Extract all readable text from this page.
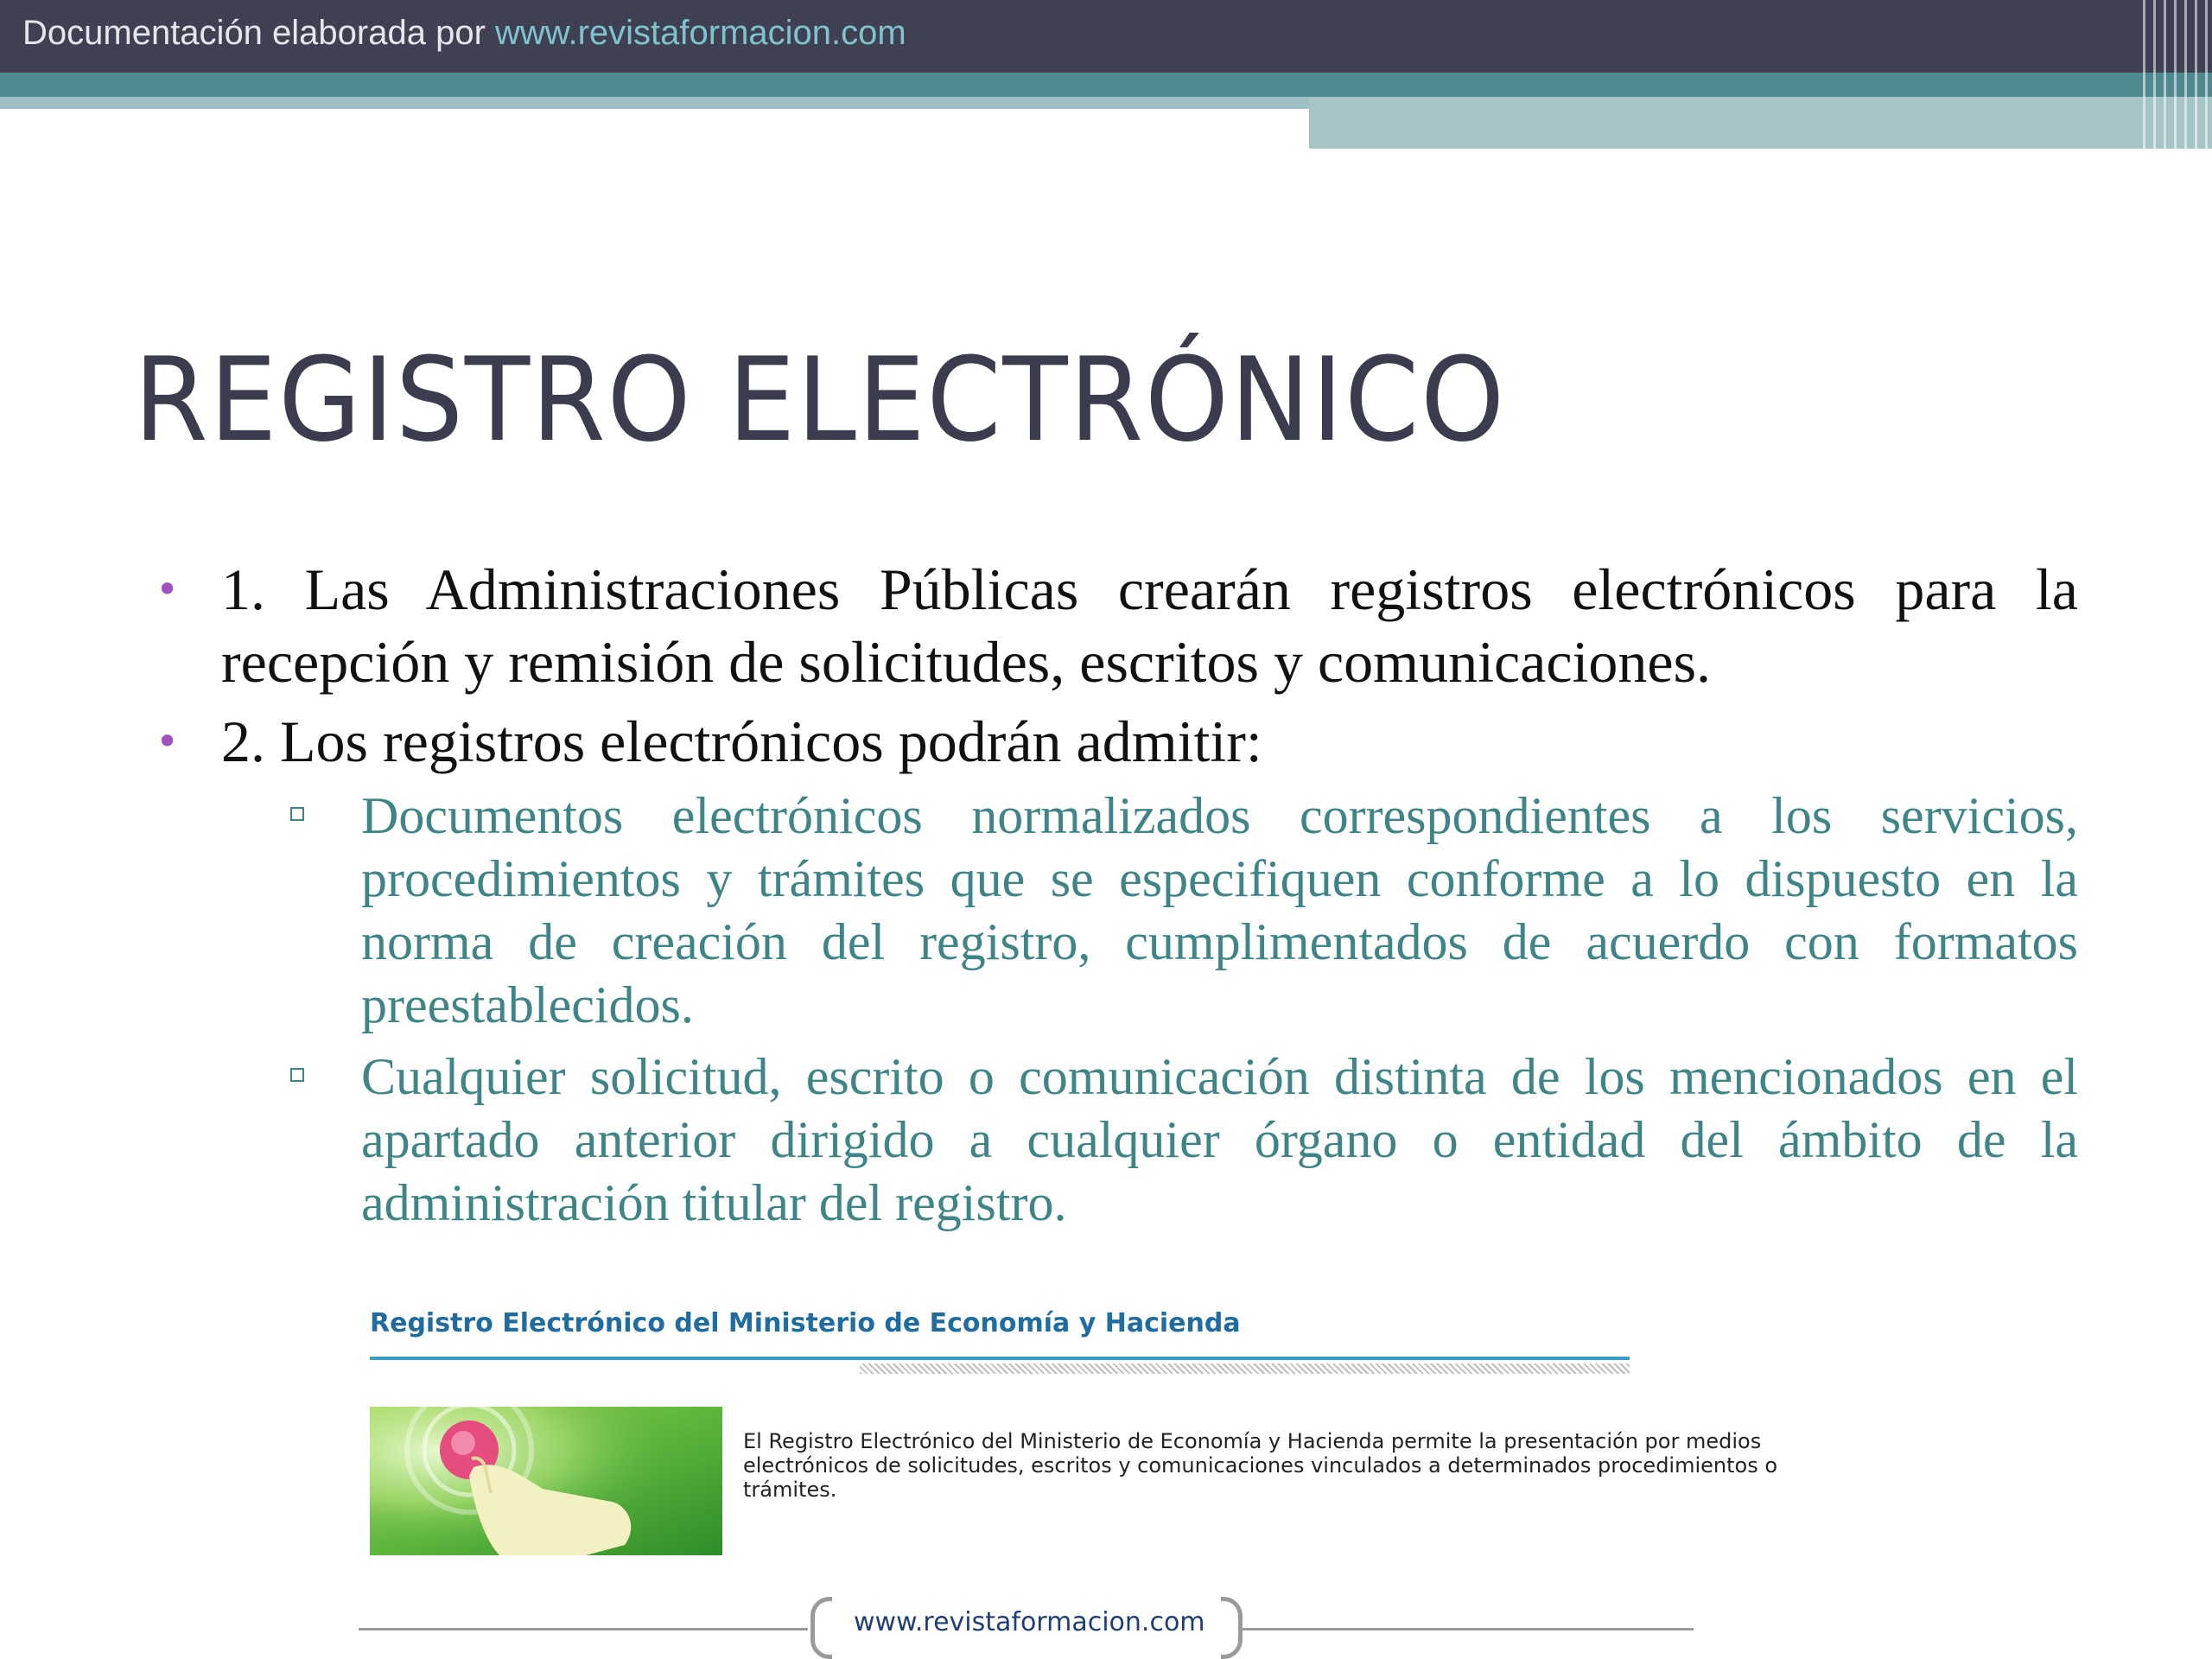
Documentación elaborada por www.revistaformacion.com
REGISTRO ELECTRÓNICO
• 1. Las Administraciones Públicas crearán registros electrónicos para la recepción y remisión de solicitudes, escritos y comunicaciones.
• 2. Los registros electrónicos podrán admitir:
Documentos electrónicos normalizados correspondientes a los servicios, procedimientos y trámites que se especifiquen conforme a lo dispuesto en la norma de creación del registro, cumplimentados de acuerdo con formatos preestablecidos.
Cualquier solicitud, escrito o comunicación distinta de los mencionados en el apartado anterior dirigido a cualquier órgano o entidad del ámbito de la administración titular del registro.
Registro Electrónico del Ministerio de Economía y Hacienda
El Registro Electrónico del Ministerio de Economía y Hacienda permite la presentación por medios electrónicos de solicitudes, escritos y comunicaciones vinculados a determinados procedimientos o trámites.
www.revistaformacion.com
